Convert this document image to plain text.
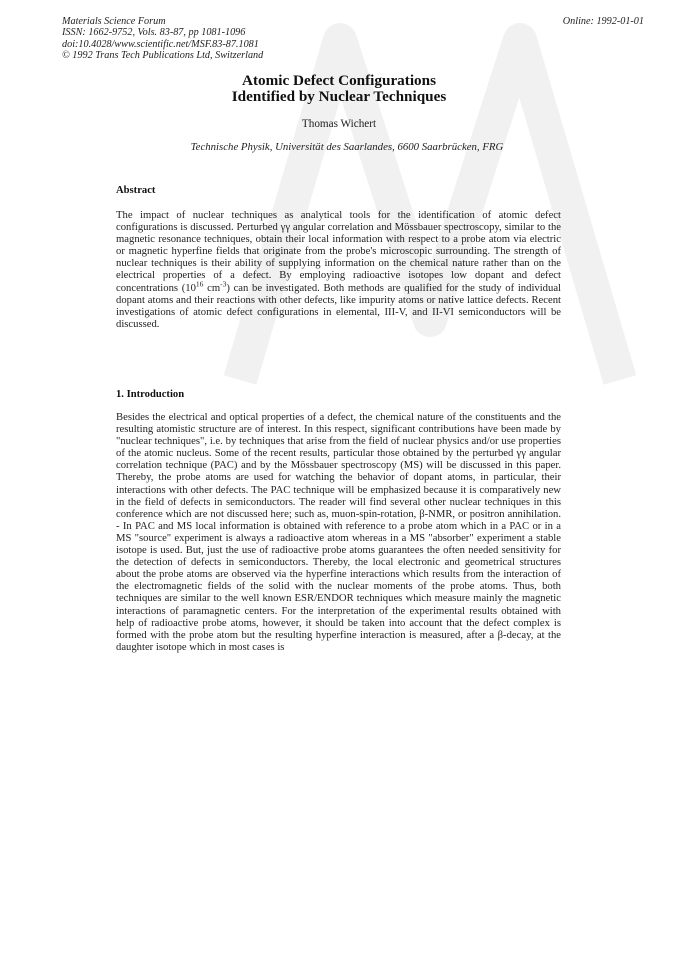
Materials Science Forum
ISSN: 1662-9752, Vols. 83-87, pp 1081-1096
doi:10.4028/www.scientific.net/MSF.83-87.1081
© 1992 Trans Tech Publications Ltd, Switzerland
Online: 1992-01-01
Atomic Defect Configurations
Identified by Nuclear Techniques
Thomas Wichert
Technische Physik, Universität des Saarlandes, 6600 Saarbrücken, FRG
Abstract
The impact of nuclear techniques as analytical tools for the identification of atomic defect configurations is discussed. Perturbed γγ angular correlation and Mössbauer spectroscopy, similar to the magnetic resonance techniques, obtain their local information with respect to a probe atom via electric or magnetic hyperfine fields that originate from the probe's microscopic surrounding. The strength of nuclear techniques is their ability of supplying information on the chemical nature rather than on the electrical properties of a defect. By employing radioactive isotopes low dopant and defect concentrations ($10^{16}$ $cm^{-3}$) can be investigated. Both methods are qualified for the study of individual dopant atoms and their reactions with other defects, like impurity atoms or native lattice defects. Recent investigations of atomic defect configurations in elemental, III-V, and II-VI semiconductors will be discussed.
1. Introduction
Besides the electrical and optical properties of a defect, the chemical nature of the constituents and the resulting atomistic structure are of interest. In this respect, significant contributions have been made by "nuclear techniques", i.e. by techniques that arise from the field of nuclear physics and/or use properties of the atomic nucleus. Some of the recent results, particular those obtained by the perturbed γγ angular correlation technique (PAC) and by the Mössbauer spectroscopy (MS) will be discussed in this paper. Thereby, the probe atoms are used for watching the behavior of dopant atoms, in particular, their interactions with other defects. The PAC technique will be emphasized because it is comparatively new in the field of defects in semiconductors. The reader will find several other nuclear techniques in this conference which are not discussed here; such as, muon-spin-rotation, β-NMR, or positron annihilation. - In PAC and MS local information is obtained with reference to a probe atom which in a PAC or in a MS "source" experiment is always a radioactive atom whereas in a MS "absorber" experiment a stable isotope is used. But, just the use of radioactive probe atoms guarantees the often needed sensitivity for the detection of defects in semiconductors. Thereby, the local electronic and geometrical structures about the probe atoms are observed via the hyperfine interactions which results from the interaction of the electromagnetic fields of the solid with the nuclear moments of the probe atoms. Thus, both techniques are similar to the well known ESR/ENDOR techniques which measure mainly the magnetic interactions of paramagnetic centers. For the interpretation of the experimental results obtained with help of radioactive probe atoms, however, it should be taken into account that the defect complex is formed with the probe atom but the resulting hyperfine interaction is measured, after a β-decay, at the daughter isotope which in most cases is
